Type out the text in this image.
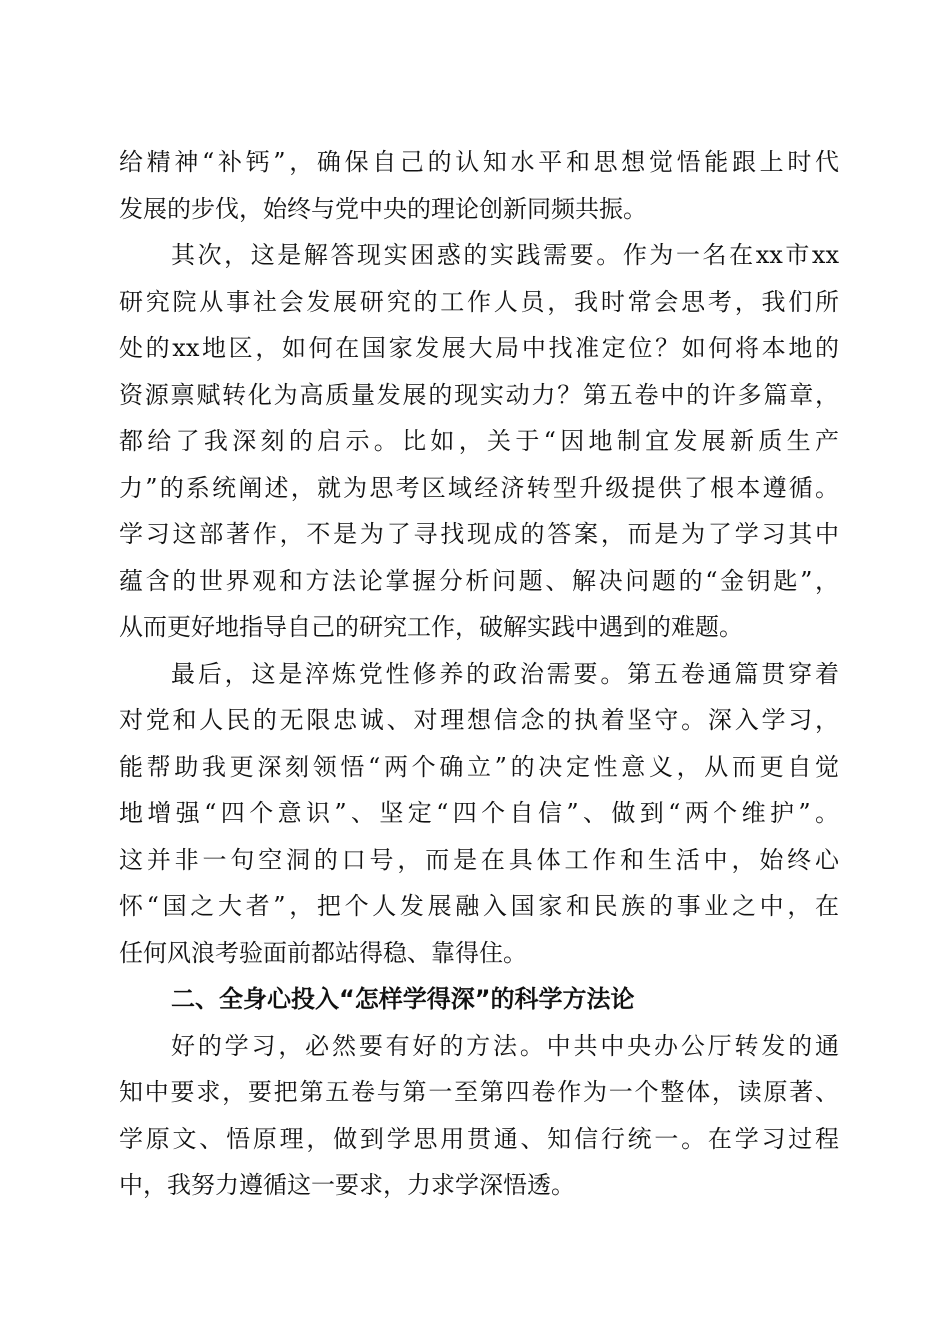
给精神“补钙”，确保自己的认知水平和思想觉悟能跟上时代
发展的步伐，始终与党中央的理论创新同频共振。
其次，这是解答现实困惑的实践需要。作为一名在xx市xx
研究院从事社会发展研究的工作人员，我时常会思考，我们所
处的xx地区，如何在国家发展大局中找准定位？如何将本地的
资源禀赋转化为高质量发展的现实动力？第五卷中的许多篇章，
都给了我深刻的启示。比如，关于“因地制宜发展新质生产
力”的系统阐述，就为思考区域经济转型升级提供了根本遵循。
学习这部著作，不是为了寻找现成的答案，而是为了学习其中
蕴含的世界观和方法论掌握分析问题、解决问题的“金钥匙”，
从而更好地指导自己的研究工作，破解实践中遇到的难题。
最后，这是淬炼党性修养的政治需要。第五卷通篇贯穿着
对党和人民的无限忠诚、对理想信念的执着坚守。深入学习，
能帮助我更深刻领悟“两个确立”的决定性意义，从而更自觉
地增强“四个意识”、坚定“四个自信”、做到“两个维护”。
这并非一句空洞的口号，而是在具体工作和生活中，始终心
怀“国之大者”，把个人发展融入国家和民族的事业之中，在
任何风浪考验面前都站得稳、靠得住。
二、全身心投入“怎样学得深”的科学方法论
好的学习，必然要有好的方法。中共中央办公厅转发的通
知中要求，要把第五卷与第一至第四卷作为一个整体，读原著、
学原文、悟原理，做到学思用贯通、知信行统一。在学习过程
中，我努力遵循这一要求，力求学深悟透。
